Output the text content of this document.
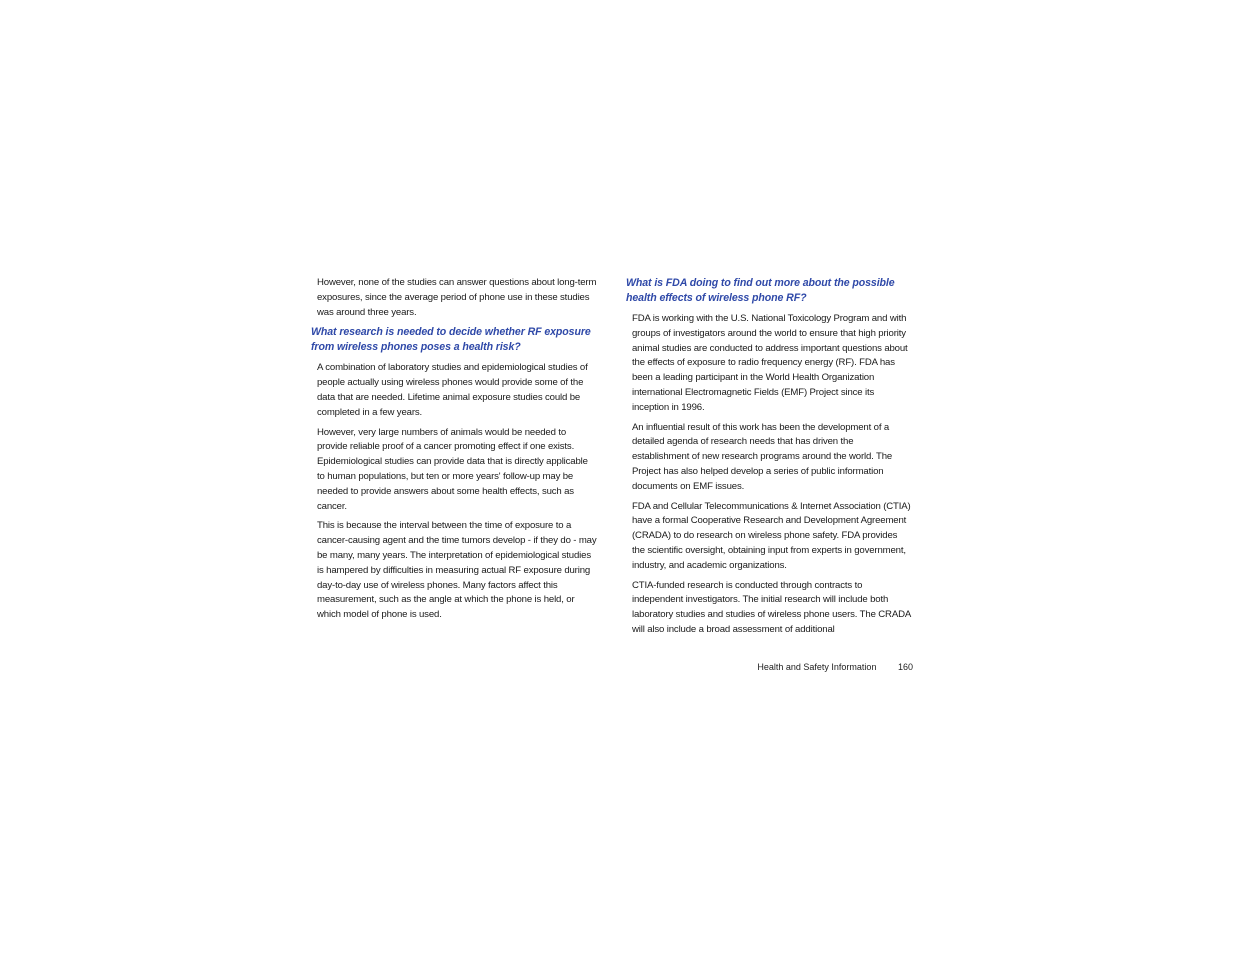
However, none of the studies can answer questions about long-term exposures, since the average period of phone use in these studies was around three years.

What research is needed to decide whether RF exposure from wireless phones poses a health risk?

A combination of laboratory studies and epidemiological studies of people actually using wireless phones would provide some of the data that are needed. Lifetime animal exposure studies could be completed in a few years.

However, very large numbers of animals would be needed to provide reliable proof of a cancer promoting effect if one exists. Epidemiological studies can provide data that is directly applicable to human populations, but ten or more years' follow-up may be needed to provide answers about some health effects, such as cancer.

This is because the interval between the time of exposure to a cancer-causing agent and the time tumors develop - if they do - may be many, many years. The interpretation of epidemiological studies is hampered by difficulties in measuring actual RF exposure during day-to-day use of wireless phones. Many factors affect this measurement, such as the angle at which the phone is held, or which model of phone is used.

What is FDA doing to find out more about the possible health effects of wireless phone RF?

FDA is working with the U.S. National Toxicology Program and with groups of investigators around the world to ensure that high priority animal studies are conducted to address important questions about the effects of exposure to radio frequency energy (RF). FDA has been a leading participant in the World Health Organization international Electromagnetic Fields (EMF) Project since its inception in 1996.

An influential result of this work has been the development of a detailed agenda of research needs that has driven the establishment of new research programs around the world. The Project has also helped develop a series of public information documents on EMF issues.

FDA and Cellular Telecommunications & Internet Association (CTIA) have a formal Cooperative Research and Development Agreement (CRADA) to do research on wireless phone safety. FDA provides the scientific oversight, obtaining input from experts in government, industry, and academic organizations.

CTIA-funded research is conducted through contracts to independent investigators. The initial research will include both laboratory studies and studies of wireless phone users. The CRADA will also include a broad assessment of additional

Health and Safety Information 160
